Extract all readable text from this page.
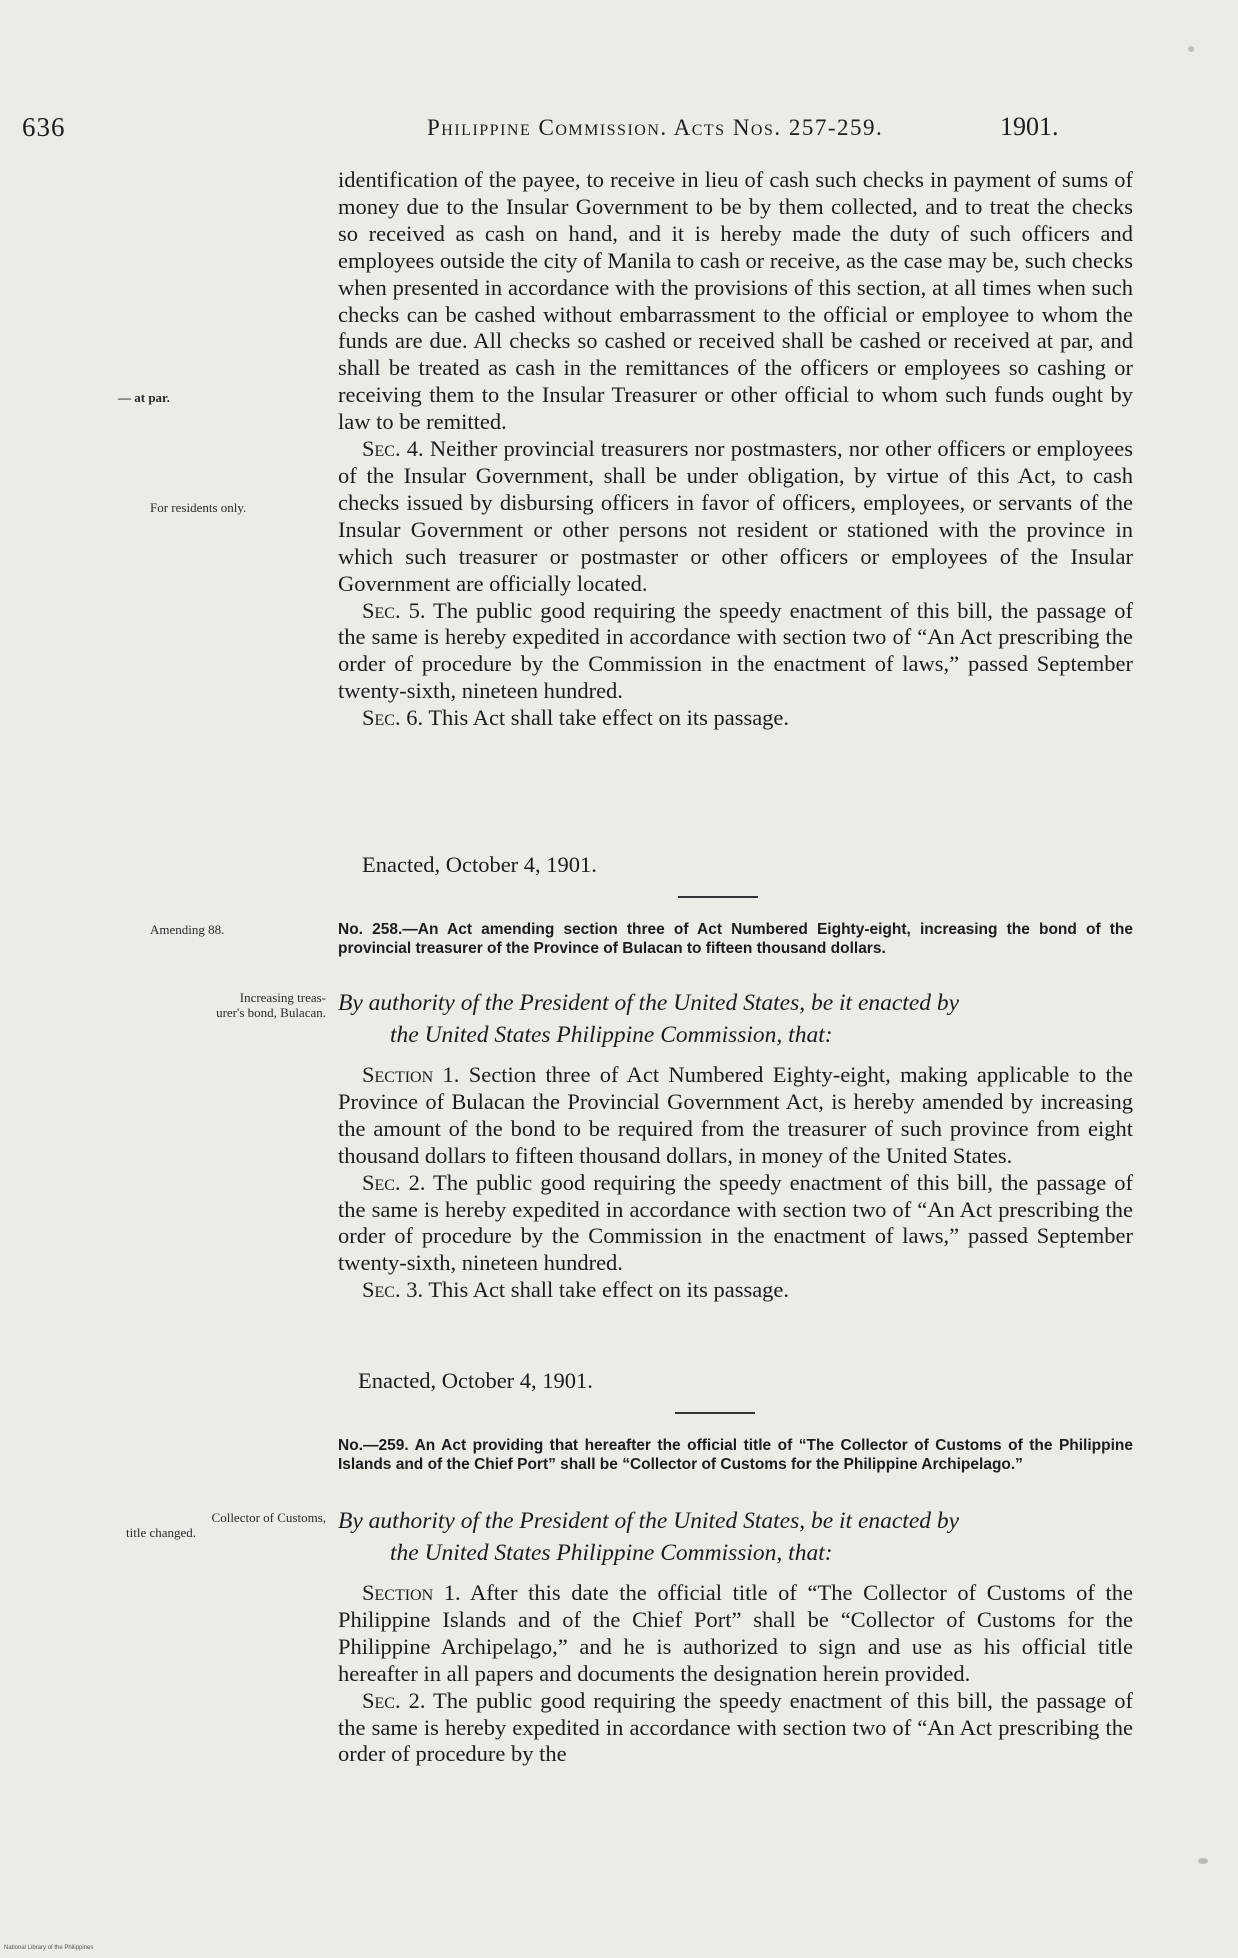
636	Philippine Commission. Acts Nos. 257-259.	1901.
— at par.
For residents only.
Amending 88.
Increasing treas-
urer's bond, Bulacan.
Collector of Customs,
title changed.

identification of the payee, to receive in lieu of cash such checks in payment of sums of money due to the Insular Government to be by them collected, and to treat the checks so received as cash on hand, and it is hereby made the duty of such officers and employees outside the city of Manila to cash or receive, as the case may be, such checks when presented in accordance with the provisions of this section, at all times when such checks can be cashed without embarrassment to the official or employee to whom the funds are due. All checks so cashed or received shall be cashed or received at par, and shall be treated as cash in the remittances of the officers or employees so cashing or receiving them to the Insular Treasurer or other official to whom such funds ought by law to be remitted.

Sec. 4. Neither provincial treasurers nor postmasters, nor other officers or employees of the Insular Government, shall be under obligation, by virtue of this Act, to cash checks issued by disbursing officers in favor of officers, employees, or servants of the Insular Government or other persons not resident or stationed with the province in which such treasurer or postmaster or other officers or employees of the Insular Government are officially located.

Sec. 5. The public good requiring the speedy enactment of this bill, the passage of the same is hereby expedited in accordance with section two of “An Act prescribing the order of procedure by the Commission in the enactment of laws,” passed September twenty-sixth, nineteen hundred.

Sec. 6. This Act shall take effect on its passage.

Enacted, October 4, 1901.
No. 258.—An Act amending section three of Act Numbered Eighty-eight, increasing the bond of the provincial treasurer of the Province of Bulacan to fifteen thousand dollars.
By authority of the President of the United States, be it enacted by
the United States Philippine Commission, that:

Section 1. Section three of Act Numbered Eighty-eight, making applicable to the Province of Bulacan the Provincial Government Act, is hereby amended by increasing the amount of the bond to be required from the treasurer of such province from eight thousand dollars to fifteen thousand dollars, in money of the United States.

Sec. 2. The public good requiring the speedy enactment of this bill, the passage of the same is hereby expedited in accordance with section two of “An Act prescribing the order of procedure by the Commission in the enactment of laws,” passed September twenty-sixth, nineteen hundred.

Sec. 3. This Act shall take effect on its passage.

Enacted, October 4, 1901.
No.—259. An Act providing that hereafter the official title of “The Collector of Customs of the Philippine Islands and of the Chief Port” shall be “Collector of Customs for the Philippine Archipelago.”
By authority of the President of the United States, be it enacted by
the United States Philippine Commission, that:

Section 1. After this date the official title of “The Collector of Customs of the Philippine Islands and of the Chief Port” shall be “Collector of Customs for the Philippine Archipelago,” and he is authorized to sign and use as his official title hereafter in all papers and documents the designation herein provided.

Sec. 2. The public good requiring the speedy enactment of this bill, the passage of the same is hereby expedited in accordance with section two of “An Act prescribing the order of procedure by the

National Library of the Philippines
